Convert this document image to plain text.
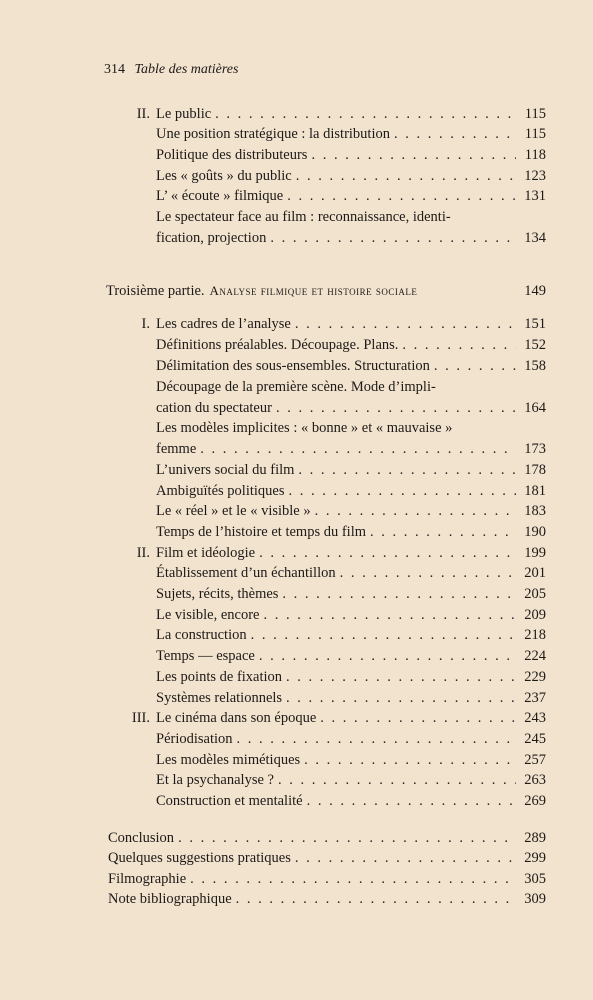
314 Table des matières
II. Le public . . .	115
Une position stratégique : la distribution . . .	115
Politique des distributeurs . . .	118
Les « goûts » du public . . .	123
L’ « écoute » filmique . . .	131
Le spectateur face au film : reconnaissance, identi-
fication, projection . . .	134
Troisième partie. Analyse filmique et histoire sociale	149
I. Les cadres de l’analyse . . .	151
Définitions préalables. Découpage. Plans. . . .	152
Délimitation des sous-ensembles. Structuration . . .	158
Découpage de la première scène. Mode d’impli-
cation du spectateur . . .	164
Les modèles implicites : « bonne » et « mauvaise »
femme . . .	173
L’univers social du film . . .	178
Ambiguïtés politiques . . .	181
Le « réel » et le « visible » . . .	183
Temps de l’histoire et temps du film . . .	190
II. Film et idéologie . . .	199
Établissement d’un échantillon . . .	201
Sujets, récits, thèmes . . .	205
Le visible, encore . . .	209
La construction . . .	218
Temps — espace . . .	224
Les points de fixation . . .	229
Systèmes relationnels . . .	237
III. Le cinéma dans son époque . . .	243
Périodisation . . .	245
Les modèles mimétiques . . .	257
Et la psychanalyse ? . . .	263
Construction et mentalité . . .	269
Conclusion . . .	289
Quelques suggestions pratiques . . .	299
Filmographie . . .	305
Note bibliographique . . .	309
